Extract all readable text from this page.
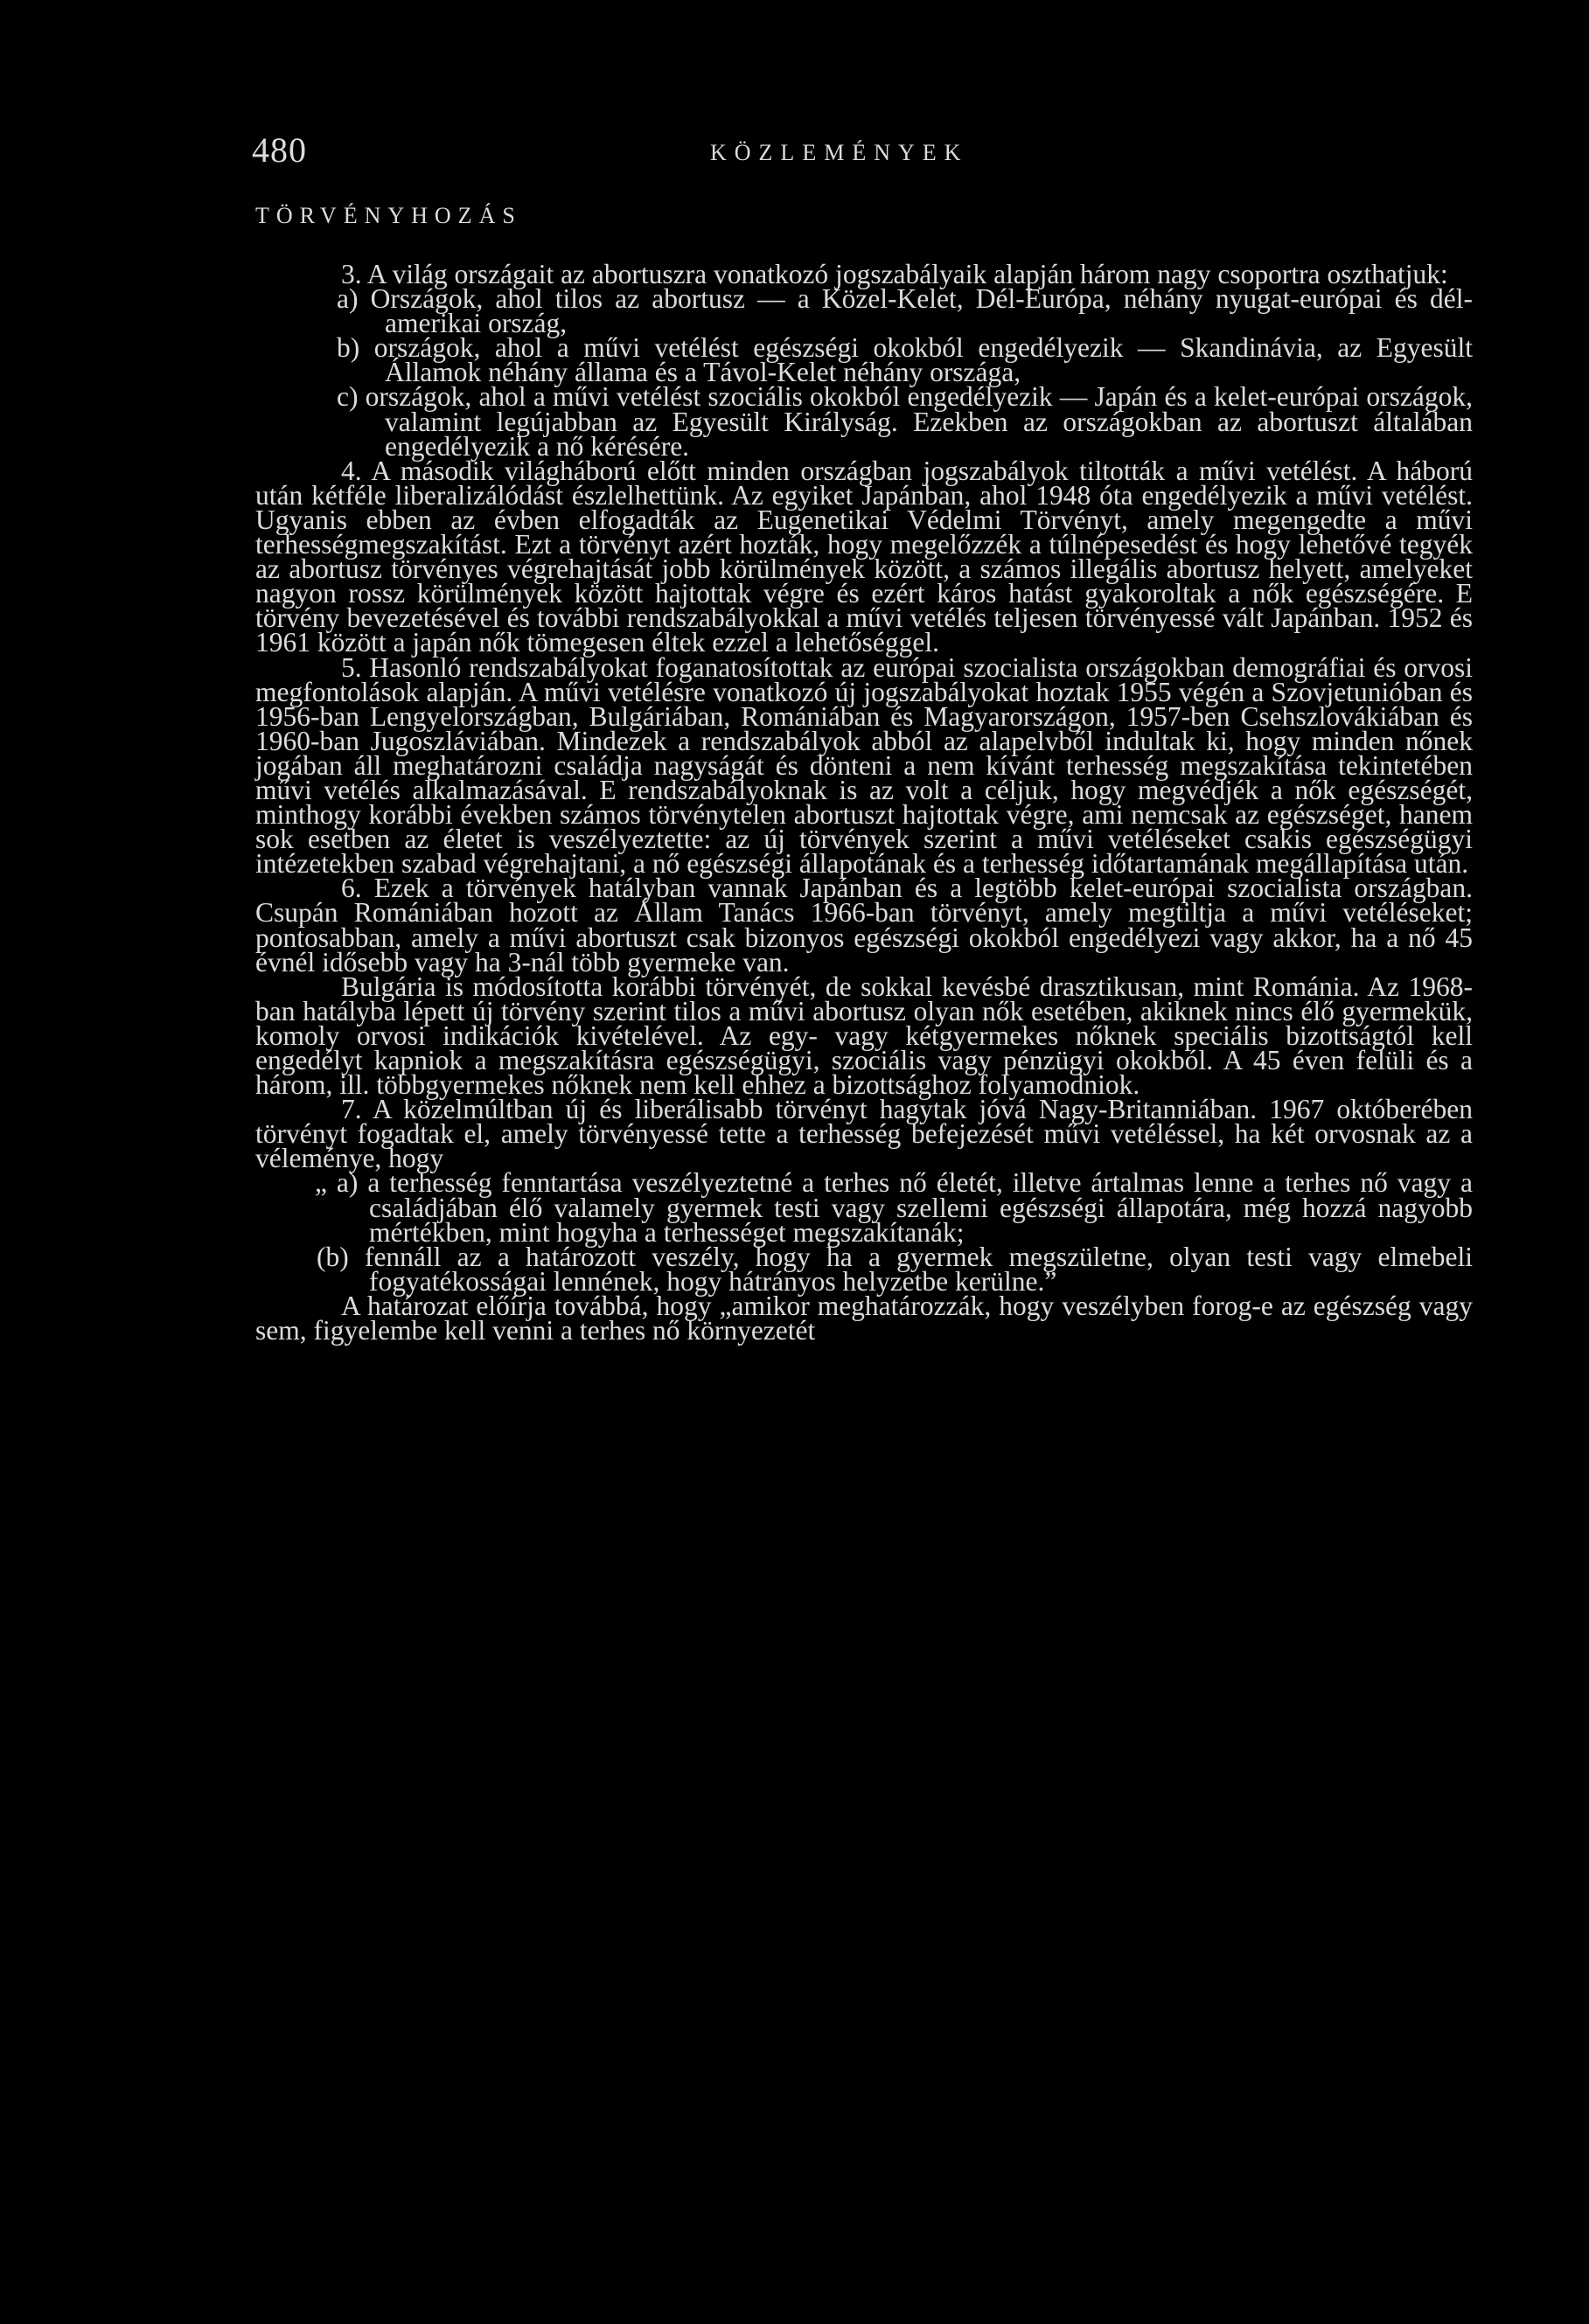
480	KÖZLEMÉNYEK
TÖRVÉNYHOZÁS

3. A világ országait az abortuszra vonatkozó jogszabályaik alapján három nagy csoportra oszthatjuk:

a) Országok, ahol tilos az abortusz — a Közel-Kelet, Dél-Európa, néhány nyugat-európai és dél-amerikai ország,

b) országok, ahol a művi vetélést egészségi okokból engedélyezik — Skandinávia, az Egyesült Államok néhány állama és a Távol-Kelet néhány országa,

c) országok, ahol a művi vetélést szociális okokból engedélyezik — Japán és a kelet-európai országok, valamint legújabban az Egyesült Királyság. Ezekben az országokban az abortuszt általában engedélyezik a nő kérésére.

4. A második világháború előtt minden országban jogszabályok tiltották a művi vetélést. A háború után kétféle liberalizálódást észlelhettünk. Az egyiket Japánban, ahol 1948 óta engedélyezik a művi vetélést. Ugyanis ebben az évben elfogadták az Eugenetikai Védelmi Törvényt, amely megengedte a művi terhességmegszakítást. Ezt a törvényt azért hozták, hogy megelőzzék a túlnépesedést és hogy lehetővé tegyék az abortusz törvényes végrehajtását jobb körülmények között, a számos illegális abortusz helyett, amelyeket nagyon rossz körülmények között hajtottak végre és ezért káros hatást gyakoroltak a nők egészségére. E törvény bevezetésével és további rendszabályokkal a művi vetélés teljesen törvényessé vált Japánban. 1952 és 1961 között a japán nők tömegesen éltek ezzel a lehetőséggel.

5. Hasonló rendszabályokat foganatosítottak az európai szocialista országokban demográfiai és orvosi megfontolások alapján. A művi vetélésre vonatkozó új jogszabályokat hoztak 1955 végén a Szovjetunióban és 1956-ban Lengyelországban, Bulgáriában, Romániában és Magyarországon, 1957-ben Csehszlovákiában és 1960-ban Jugoszláviában. Mindezek a rendszabályok abból az alapelvből indultak ki, hogy minden nőnek jogában áll meghatározni családja nagyságát és dönteni a nem kívánt terhesség megszakítása tekintetében művi vetélés alkalmazásával. E rendszabályoknak is az volt a céljuk, hogy megvédjék a nők egészségét, minthogy korábbi években számos törvénytelen abortuszt hajtottak végre, ami nemcsak az egészséget, hanem sok esetben az életet is veszélyeztette: az új törvények szerint a művi vetéléseket csakis egészségügyi intézetekben szabad végrehajtani, a nő egészségi állapotának és a terhesség időtartamának megállapítása után.

6. Ezek a törvények hatályban vannak Japánban és a legtöbb kelet-európai szocialista országban. Csupán Romániában hozott az Állam Tanács 1966-ban törvényt, amely megtiltja a művi vetéléseket; pontosabban, amely a művi abortuszt csak bizonyos egészségi okokból engedélyezi vagy akkor, ha a nő 45 évnél idősebb vagy ha 3-nál több gyermeke van.

Bulgária is módosította korábbi törvényét, de sokkal kevésbé drasztikusan, mint Románia. Az 1968-ban hatályba lépett új törvény szerint tilos a művi abortusz olyan nők esetében, akiknek nincs élő gyermekük, komoly orvosi indikációk kivételével. Az egy- vagy kétgyermekes nőknek speciális bizottságtól kell engedélyt kapniok a megszakításra egészségügyi, szociális vagy pénzügyi okokból. A 45 éven felüli és a három, ill. többgyermekes nőknek nem kell ehhez a bizottsághoz folyamodniok.

7. A közelmúltban új és liberálisabb törvényt hagytak jóvá Nagy-Britanniában. 1967 októberében törvényt fogadtak el, amely törvényessé tette a terhesség befejezését művi vetéléssel, ha két orvosnak az a véleménye, hogy

„ a) a terhesség fenntartása veszélyeztetné a terhes nő életét, illetve ártalmas lenne a terhes nő vagy a családjában élő valamely gyermek testi vagy szellemi egészségi állapotára, még hozzá nagyobb mértékben, mint hogyha a terhességet megszakítanák;

(b) fennáll az a határozott veszély, hogy ha a gyermek megszületne, olyan testi vagy elmebeli fogyatékosságai lennének, hogy hátrányos helyzetbe kerülne.”

A határozat előírja továbbá, hogy „amikor meghatározzák, hogy veszélyben forog-e az egészség vagy sem, figyelembe kell venni a terhes nő környezetét
